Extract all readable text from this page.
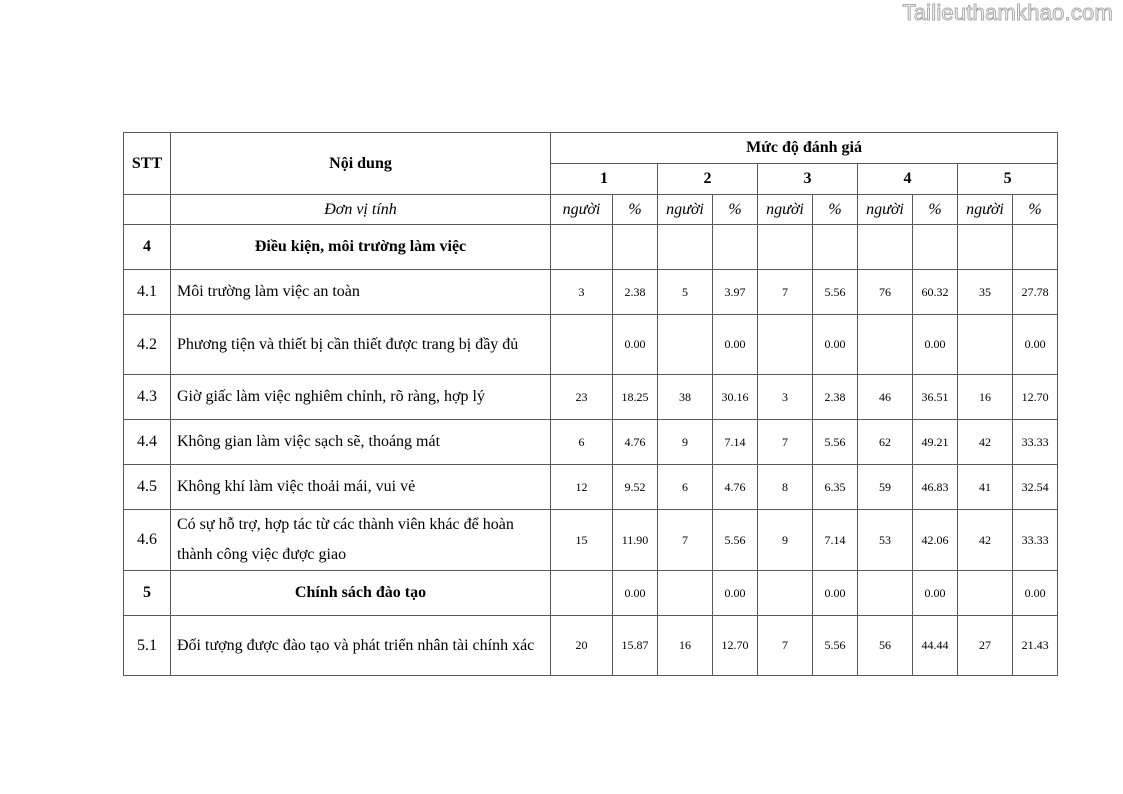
Tailieuthamkhao.com
STT	Nội dung	Mức độ đánh giá									
		1		2		3		4		5	
	Đơn vị tính	người	%	người	%	người	%	người	%	người	%
4	Điều kiện, môi trường làm việc										
4.1	Môi trường làm việc an toàn	3	2.38	5	3.97	7	5.56	76	60.32	35	27.78
4.2	Phương tiện và thiết bị cần thiết được trang bị đầy đủ		0.00		0.00		0.00		0.00		0.00
4.3	Giờ giấc làm việc nghiêm chỉnh, rõ ràng, hợp lý	23	18.25	38	30.16	3	2.38	46	36.51	16	12.70
4.4	Không gian làm việc sạch sẽ, thoáng mát	6	4.76	9	7.14	7	5.56	62	49.21	42	33.33
4.5	Không khí làm việc thoải mái, vui vẻ	12	9.52	6	4.76	8	6.35	59	46.83	41	32.54
4.6	Có sự hỗ trợ, hợp tác từ các thành viên khác để hoàn thành công việc được giao	15	11.90	7	5.56	9	7.14	53	42.06	42	33.33
5	Chính sách đào tạo		0.00		0.00		0.00		0.00		0.00
5.1	Đối tượng được đào tạo và phát triển nhân tài chính xác	20	15.87	16	12.70	7	5.56	56	44.44	27	21.43
